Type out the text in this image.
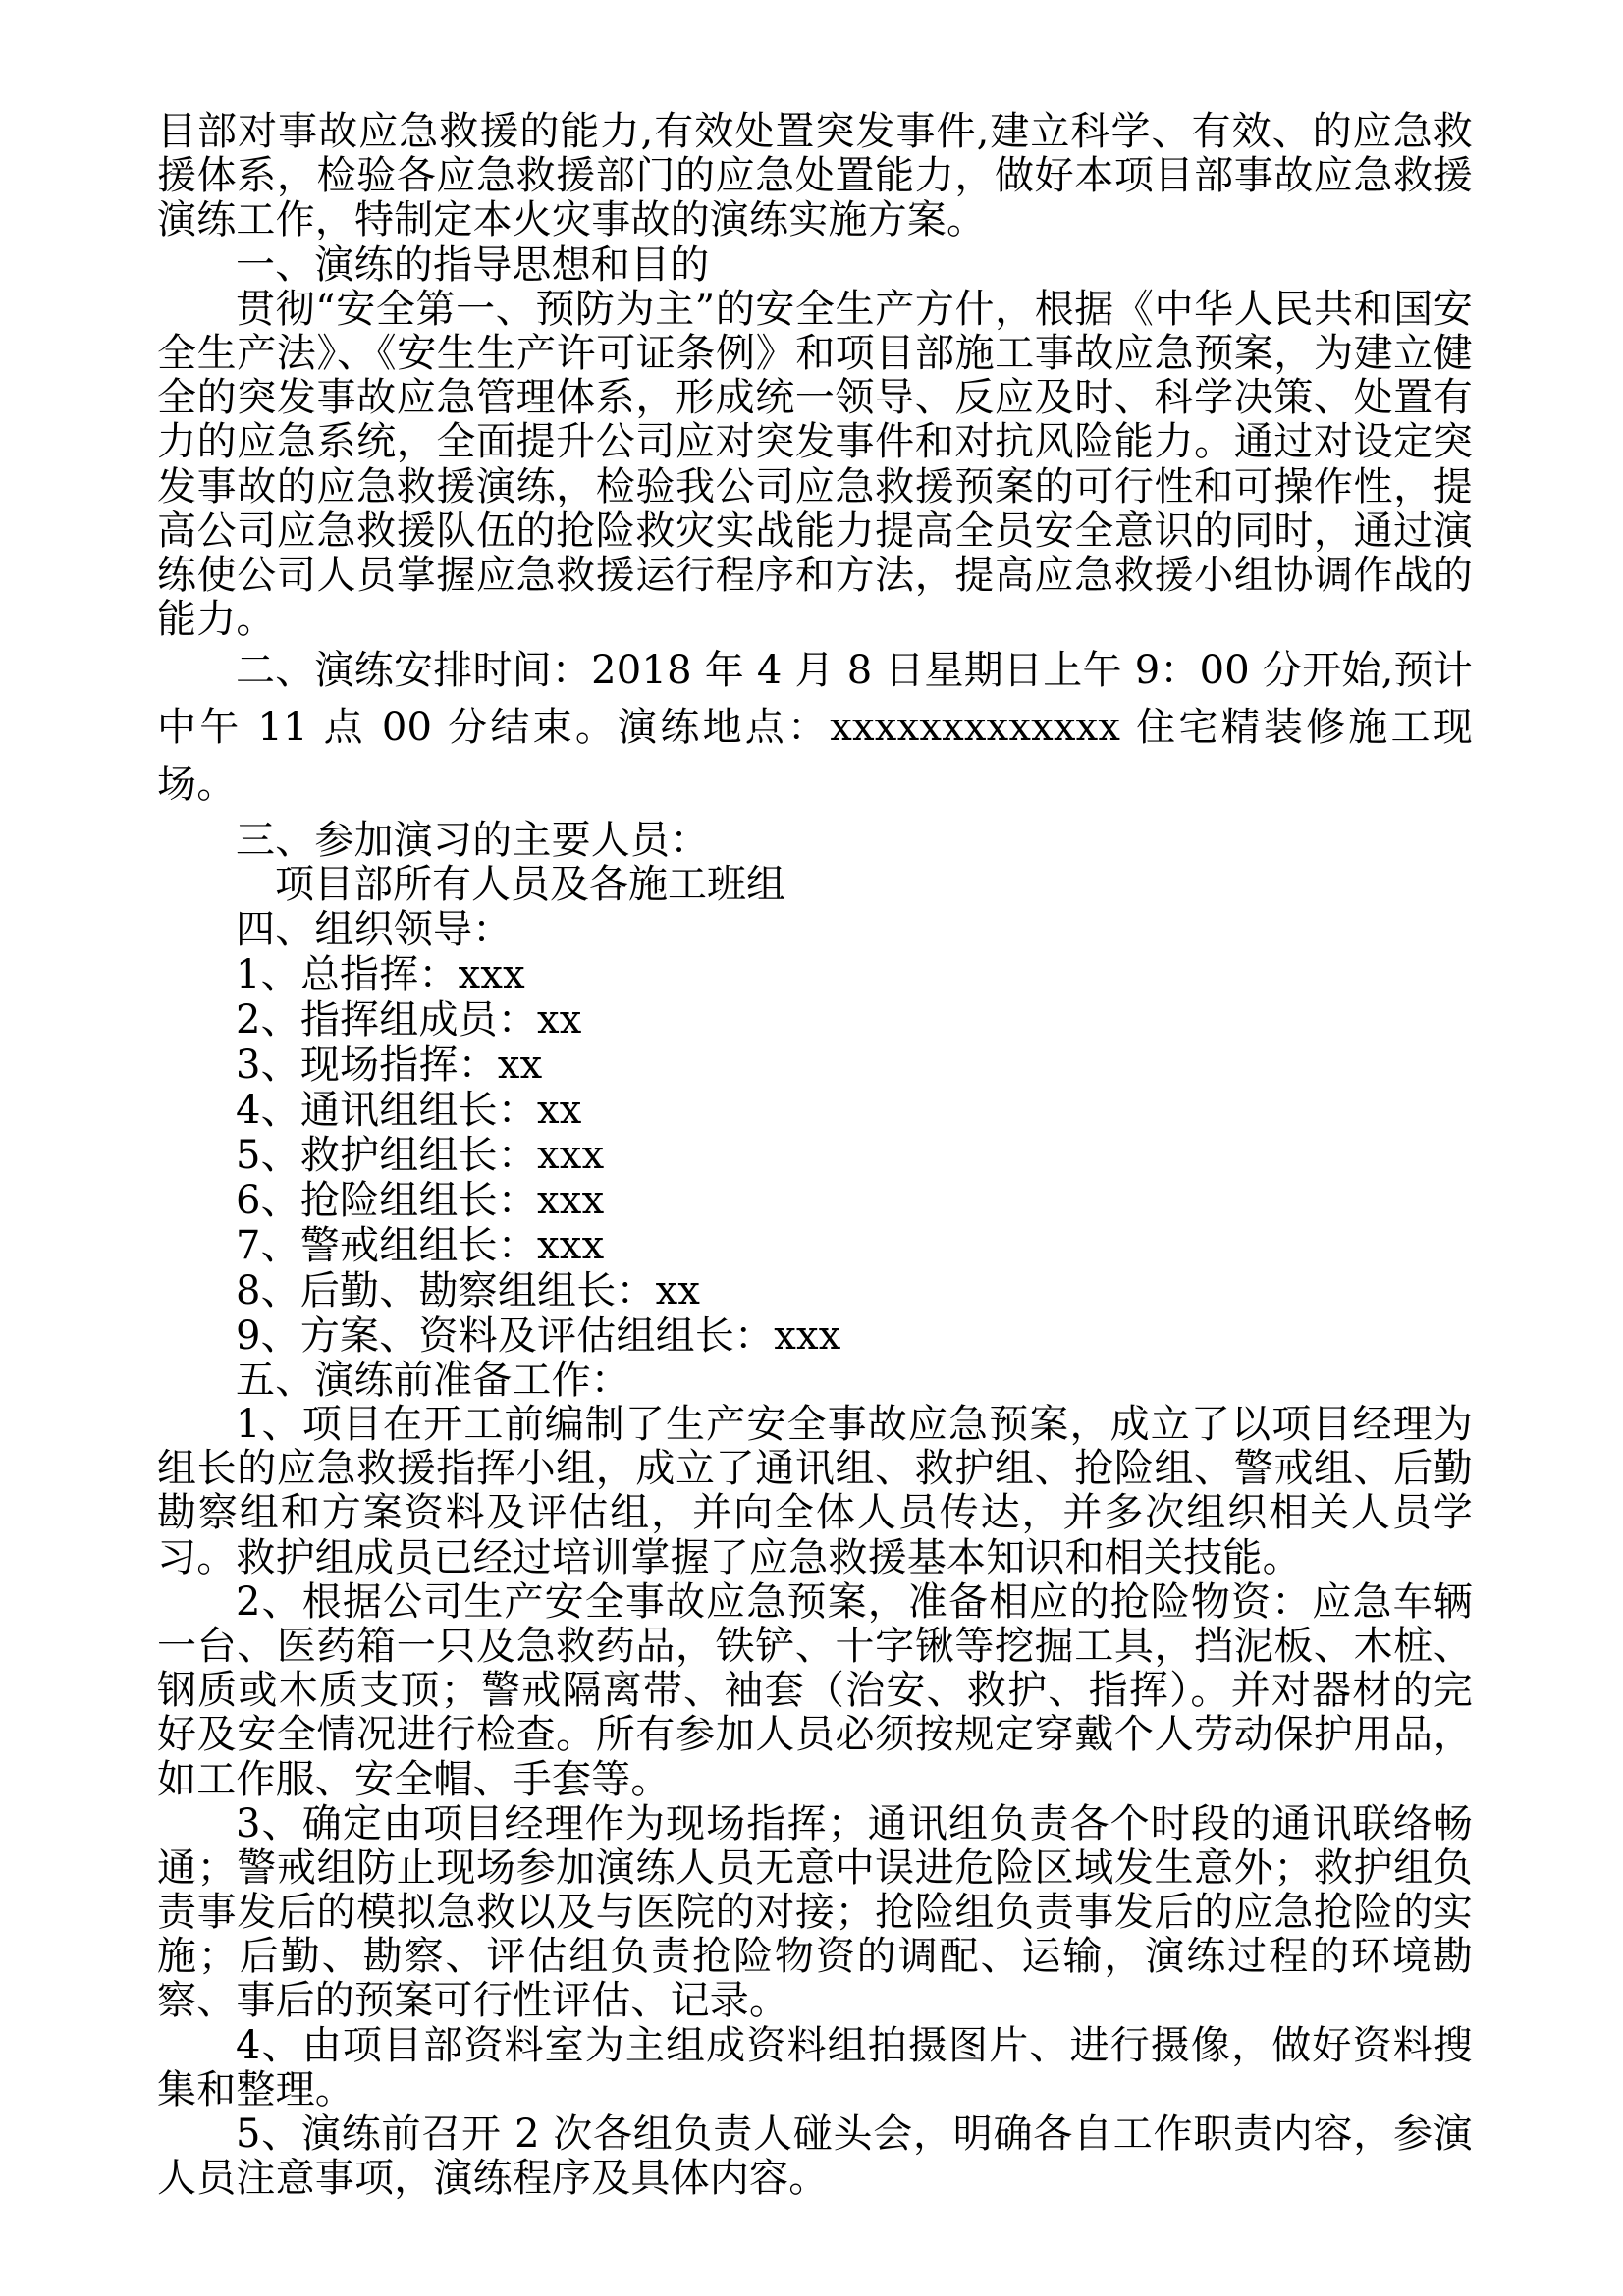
目部对事故应急救援的能力,有效处置突发事件,建立科学、有效、的应急救援体系，检验各应急救援部门的应急处置能力，做好本项目部事故应急救援演练工作，特制定本火灾事故的演练实施方案。

一、演练的指导思想和目的

贯彻“安全第一、预防为主”的安全生产方什，根据《中华人民共和国安全生产法》、《安生生产许可证条例》和项目部施工事故应急预案，为建立健全的突发事故应急管理体系，形成统一领导、反应及时、科学决策、处置有力的应急系统，全面提升公司应对突发事件和对抗风险能力。通过对设定突发事故的应急救援演练，检验我公司应急救援预案的可行性和可操作性，提高公司应急救援队伍的抢险救灾实战能力提高全员安全意识的同时，通过演练使公司人员掌握应急救援运行程序和方法，提高应急救援小组协调作战的能力。

二、演练安排时间：2018 年 4 月 8 日星期日上午 9：00 分开始,预计中午 11 点 00 分结束。演练地点：xxxxxxxxxxxxx 住宅精装修施工现场。

三、参加演习的主要人员：

项目部所有人员及各施工班组

四、组织领导：

1、总指挥：xxx

2、指挥组成员：xx

3、现场指挥：xx

4、通讯组组长：xx

5、救护组组长：xxx

6、抢险组组长：xxx

7、警戒组组长：xxx

8、后勤、勘察组组长：xx

9、方案、资料及评估组组长：xxx

五、演练前准备工作：

1、项目在开工前编制了生产安全事故应急预案，成立了以项目经理为组长的应急救援指挥小组，成立了通讯组、救护组、抢险组、警戒组、后勤勘察组和方案资料及评估组，并向全体人员传达，并多次组织相关人员学习。救护组成员已经过培训掌握了应急救援基本知识和相关技能。

2、根据公司生产安全事故应急预案，准备相应的抢险物资：应急车辆一台、医药箱一只及急救药品，铁铲、十字锹等挖掘工具，挡泥板、木桩、钢质或木质支顶；警戒隔离带、袖套（治安、救护、指挥）。并对器材的完好及安全情况进行检查。所有参加人员必须按规定穿戴个人劳动保护用品，如工作服、安全帽、手套等。

3、确定由项目经理作为现场指挥；通讯组负责各个时段的通讯联络畅通；警戒组防止现场参加演练人员无意中误进危险区域发生意外；救护组负责事发后的模拟急救以及与医院的对接；抢险组负责事发后的应急抢险的实施；后勤、勘察、评估组负责抢险物资的调配、运输，演练过程的环境勘察、事后的预案可行性评估、记录。

4、由项目部资料室为主组成资料组拍摄图片、进行摄像，做好资料搜集和整理。

5、演练前召开 2 次各组负责人碰头会，明确各自工作职责内容，参演人员注意事项，演练程序及具体内容。
